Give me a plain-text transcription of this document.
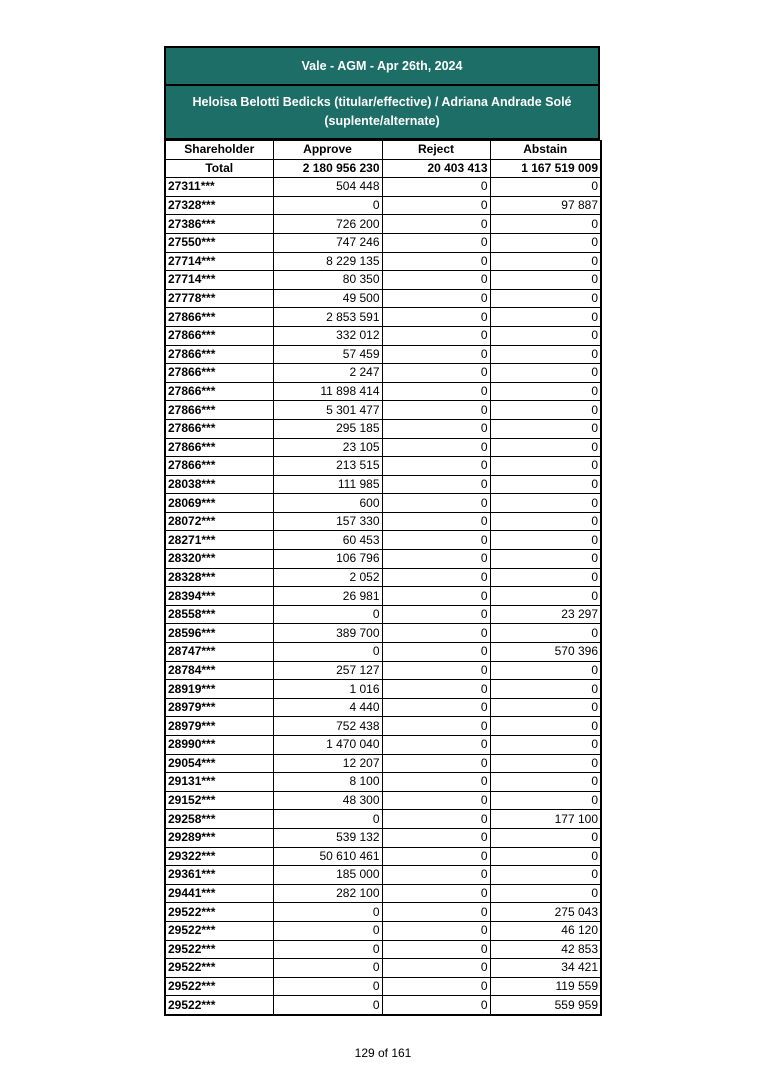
Vale - AGM - Apr 26th, 2024
Heloisa Belotti Bedicks (titular/effective) / Adriana Andrade Solé (suplente/alternate)
Shareholder	Approve	Reject	Abstain
Total	2 180 956 230	20 403 413	1 167 519 009
27311***	504 448	0	0
27328***	0	0	97 887
27386***	726 200	0	0
27550***	747 246	0	0
27714***	8 229 135	0	0
27714***	80 350	0	0
27778***	49 500	0	0
27866***	2 853 591	0	0
27866***	332 012	0	0
27866***	57 459	0	0
27866***	2 247	0	0
27866***	11 898 414	0	0
27866***	5 301 477	0	0
27866***	295 185	0	0
27866***	23 105	0	0
27866***	213 515	0	0
28038***	111 985	0	0
28069***	600	0	0
28072***	157 330	0	0
28271***	60 453	0	0
28320***	106 796	0	0
28328***	2 052	0	0
28394***	26 981	0	0
28558***	0	0	23 297
28596***	389 700	0	0
28747***	0	0	570 396
28784***	257 127	0	0
28919***	1 016	0	0
28979***	4 440	0	0
28979***	752 438	0	0
28990***	1 470 040	0	0
29054***	12 207	0	0
29131***	8 100	0	0
29152***	48 300	0	0
29258***	0	0	177 100
29289***	539 132	0	0
29322***	50 610 461	0	0
29361***	185 000	0	0
29441***	282 100	0	0
29522***	0	0	275 043
29522***	0	0	46 120
29522***	0	0	42 853
29522***	0	0	34 421
29522***	0	0	119 559
29522***	0	0	559 959
129 of 161
